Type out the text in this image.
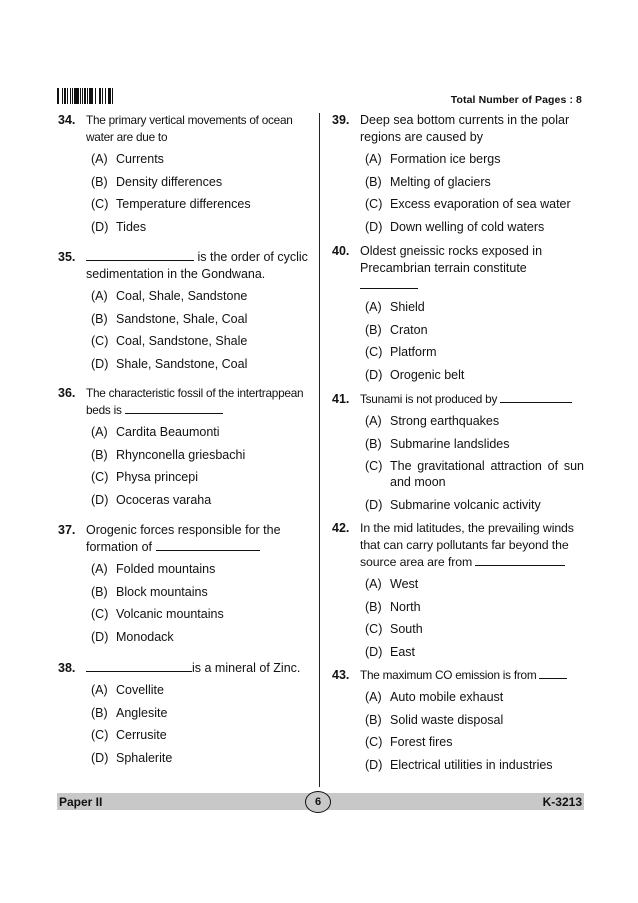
Total Number of Pages : 8
34. The primary vertical movements of ocean water are due to
(A) Currents
(B) Density differences
(C) Temperature differences
(D) Tides
35.	is the order of cyclic sedimentation in the Gondwana.
(A) Coal, Shale, Sandstone
(B) Sandstone, Shale, Coal
(C) Coal, Sandstone, Shale
(D) Shale, Sandstone, Coal
36. The characteristic fossil of the intertrappean beds is
(A) Cardita Beaumonti
(B) Rhynconella griesbachi
(C) Physa princepi
(D) Ococeras varaha
37. Orogenic forces responsible for the formation of
(A) Folded mountains
(B) Block mountains
(C) Volcanic mountains
(D) Monodack
38.	is a mineral of Zinc.
(A) Covellite
(B) Anglesite
(C) Cerrusite
(D) Sphalerite
39. Deep sea bottom currents in the polar regions are caused by
(A) Formation ice bergs
(B) Melting of glaciers
(C) Excess evaporation of sea water
(D) Down welling of cold waters
40. Oldest gneissic rocks exposed in Precambrian terrain constitute

(A) Shield
(B) Craton
(C) Platform
(D) Orogenic belt
41. Tsunami is not produced by
(A) Strong earthquakes
(B) Submarine landslides
(C) The gravitational attraction of sun and moon
(D) Submarine volcanic activity
42. In the mid latitudes, the prevailing winds that can carry pollutants far beyond the source area are from
(A) West
(B) North
(C) South
(D) East
43. The maximum CO emission is from
(A) Auto mobile exhaust
(B) Solid waste disposal
(C) Forest fires
(D) Electrical utilities in industries
Paper II	K-3213
6
